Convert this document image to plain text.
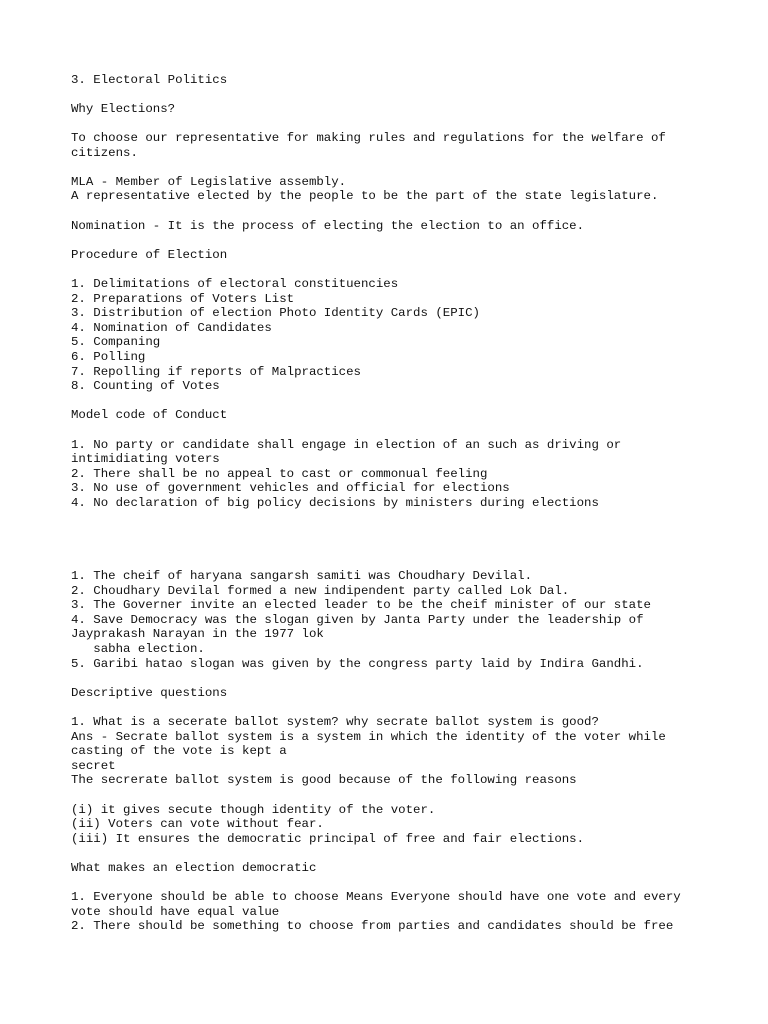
3. Electoral Politics
Why Elections?
To choose our representative for making rules and regulations for the welfare of
citizens.
MLA - Member of Legislative assembly.
A representative elected by the people to be the part of the state legislature.
Nomination - It is the process of electing the election to an office.
Procedure of Election
1. Delimitations of electoral constituencies
2. Preparations of Voters List
3. Distribution of election Photo Identity Cards (EPIC)
4. Nomination of Candidates
5. Companing
6. Polling
7. Repolling if reports of Malpractices
8. Counting of Votes
Model code of Conduct
1. No party or candidate shall engage in election of an such as driving or
intimidiating voters
2. There shall be no appeal to cast or commonual feeling
3. No use of government vehicles and official for elections
4. No declaration of big policy decisions by ministers during elections
1. The cheif of haryana sangarsh samiti was Choudhary Devilal.
2. Choudhary Devilal formed a new indipendent party called Lok Dal.
3. The Governer invite an elected leader to be the cheif minister of our state
4. Save Democracy was the slogan given by Janta Party under the leadership of
Jayprakash Narayan in the 1977 lok
sabha election.
5. Garibi hatao slogan was given by the congress party laid by Indira Gandhi.
Descriptive questions
1. What is a secerate ballot system? why secrate ballot system is good?
Ans - Secrate ballot system is a system in which the identity of the voter while
casting of the vote is kept a
secret
The secrerate ballot system is good because of the following reasons
(i) it gives secute though identity of the voter.
(ii) Voters can vote without fear.
(iii) It ensures the democratic principal of free and fair elections.
What makes an election democratic
1. Everyone should be able to choose Means Everyone should have one vote and every
vote should have equal value
2. There should be something to choose from parties and candidates should be free
